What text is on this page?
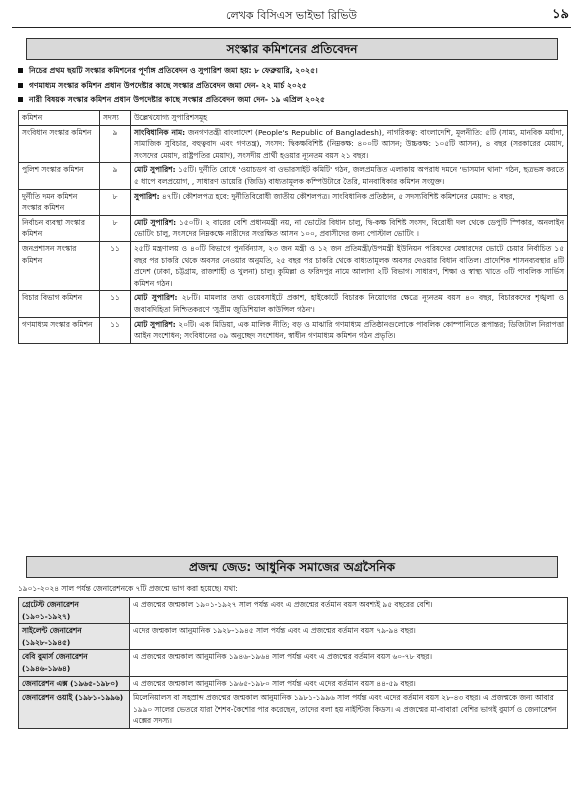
লেখক বিসিএস ভাইভা রিভিউ	১৯
সংস্কার কমিশনের প্রতিবেদন
নিচের প্রথম ছয়টি সংস্কার কমিশনের পূর্ণাঙ্গ প্রতিবেদন ও সুপারিশ জমা হয়: ৮ ফেব্রুয়ারি, ২০২৫।
গণমাধ্যম সংস্কার কমিশন প্রধান উপদেষ্টার কাছে সংস্কার প্রতিবেদন জমা দেন- ২২ মার্চ ২০২৫
নারী বিষয়ক সংস্কার কমিশন প্রধান উপদেষ্টার কাছে সংস্কার প্রতিবেদন জমা দেন- ১৯ এপ্রিল ২০২৫
কমিশন	সদস্য	উল্লেখযোগ্য সুপারিশসমূহ
সংবিধান সংস্কার কমিশন	৯	সাংবিধানিক নাম: জনগণতন্ত্রী বাংলাদেশ (People's Republic of Bangladesh), নাগরিকত্ব: বাংলাদেশি, মূলনীতি: ৫টি (সাম্য, মানবিক মর্যাদা, সামাজিক সুবিচার, বহুত্ববাদ এবং গণতন্ত্র), সংসদ: দ্বিকক্ষবিশিষ্ট (নিম্নকক্ষ: ৪০০টি আসন; উচ্চকক্ষ: ১০৫টি আসন), ৪ বছর (সরকারের মেয়াদ, সংসদের মেয়াদ, রাষ্ট্রপতির মেয়াদ), সংসদীয় প্রার্থী হওয়ার ন্যূনতম বয়স ২১ বছর।
পুলিশ সংস্কার কমিশন	৯	মোট সুপারিশ: ১৫টি। দুর্নীতি রোধে 'ওয়াচডগ বা ওভারসাইট কমিটি' গঠন, জলপ্রমত্তিত এলাকায় অপরাধ দমনে 'ভাসমান থানা' গঠন, ছত্রভঙ্গ করতে ৫ ধাপে বলপ্রয়োগ, , সাধারণ ডায়েরি (জিডি) বাধ্যতামূলক কম্পিউটারে তৈরি, মানবাধিকার কমিশন সংযুক্ত।
দুর্নীতি দমন কমিশন সংস্কার কমিশন	৮	সুপারিশ: ৪৭টি। কৌশলপত্র হবে: দুর্নীতিবিরোধী জাতীয় কৌশলপত্র। সাংবিধানিক প্রতিষ্ঠান, ৫ সদস্যবিশিষ্ট কমিশনের মেয়াদ: ৪ বছর,
নির্বাচন ব্যবস্থা সংস্কার কমিশন	৮	মোট সুপারিশ: ১৫০টি। ২ বারের বেশি প্রধানমন্ত্রী নয়, না ভোটের বিধান চালু, দ্বি-কক্ষ বিশিষ্ট সংসদ, বিরোধী দল থেকে ডেপুটি স্পিকার, অনলাইন ভোটিং চালু, সংসদের নিম্নকক্ষে নারীদের সংরক্ষিত আসন ১০০, প্রবাসীদের জন্য পোস্টাল ভোটিং ।
জনপ্রশাসন সংস্কার কমিশন	১১	২৫টি মন্ত্রণালয় ও ৪০টি বিভাগে পুনর্বিন্যাস, ২৩ জন মন্ত্রী ও ১২ জন প্রতিমন্ত্রী/উপমন্ত্রী ইউনিয়ন পরিষদের মেম্বারদের ভোটে চেয়ার নির্বাচিত ১৫ বছর পর চাকরি থেকে অবসর নেওয়ার অনুমতি, ২৫ বছর পর চাকরি থেকে বাধ্যতামূলক অবসর দেওয়ার বিধান বাতিল। প্রাদেশিক শাসনব্যবস্থার ৪টি প্রদেশ (ঢাকা, চট্টগ্রাম, রাজশাহী ও খুলনা) চালু। কুমিল্লা ও ফরিদপুর নামে আলাদা ২টি বিভাগ। সাধারণ, শিক্ষা ও স্বাস্থ্য খাতে ৩টি পাবলিক সার্ভিস কমিশন গঠন।
বিচার বিভাগ কমিশন	১১	মোট সুপারিশ: ২৮টি। মামলার তথ্য ওয়েবসাইটে প্রকাশ, হাইকোর্টে বিচারক নিয়োগের ক্ষেত্রে ন্যূনতম বয়স ৪০ বছর, বিচারকদের শৃঙ্খলা ও জবাবদিহিতা নিশ্চিতকরণে 'সুপ্রীম জুডিশিয়াল কাউন্সিল গঠন'।
গণমাধ্যম সংস্কার কমিশন	১১	মোট সুপারিশ: ২০টি। এক মিডিয়া, এক মালিক নীতি; বড় ও মাঝারি গণমাধ্যম প্রতিষ্ঠানগুলোকে পাবলিক কোম্পানিতে রূপান্তর; ডিজিটাল নিরাপত্তা আইন সংশোধন; সংবিধানের ৩৯ অনুচ্ছেদ সংশোধন, স্বাধীন গণমাধ্যম কমিশন গঠন প্রভৃতি।
প্রজন্ম জেড: আধুনিক সমাজের অগ্রসৈনিক
১৯০১-২০২৪ সাল পর্যন্ত জেনারেশনকে ৭টি প্রজন্মে ভাগ করা হয়েছে। যথা:
গ্রেটেস্ট জেনারেশন (১৯০১-১৯২৭)	এ প্রজন্মের জন্মকাল ১৯০১-১৯২৭ সাল পর্যন্ত এবং এ প্রজন্মের বর্তমান বয়স অবশ্যই ৯৫ বছরের বেশি।
সাইলেন্ট জেনারেশন (১৯২৮-১৯৪৫)	এদের জন্মকাল আনুমানিক ১৯২৮-১৯৪৫ সাল পর্যন্ত এবং এ প্রজন্মের বর্তমান বয়স ৭৯-৯৪ বছর।
বেবি বুমার্স জেনারেশন (১৯৪৬-১৯৬৪)	এ প্রজন্মের জন্মকাল আনুমানিক ১৯৪৬-১৯৬৪ সাল পর্যন্ত এবং এ প্রজন্মের বর্তমান বয়স ৬০-৭৮ বছর।
জেনারেশন এক্স (১৯৬৫-১৯৮০)	এ প্রজন্মের জন্মকাল আনুমানিক ১৯৬৫-১৯৮০ সাল পর্যন্ত এবং এদের বর্তমান বয়স ৪৪-৫৯ বছর।
জেনারেশন ওয়াই (১৯৮১-১৯৯৬)	মিলেনিয়ালস বা সহস্রাব্দ প্রজন্মের জন্মকাল আনুমানিক ১৯৮১-১৯৯৬ সাল পর্যন্ত এবং এদের বর্তমান বয়স ২৮-৪৩ বছর। এ প্রজন্মকে জন্য আবার ১৯৯০ সালের ভেতরে যারা শৈশব-কৈশোর পার করেছেন, তাদের বলা হয় নাইন্টিজ কিডস। এ প্রজন্মের মা-বাবারা বেশির ভাগই বুমার্স ও জেনারেশন এক্সের সদস্য।
